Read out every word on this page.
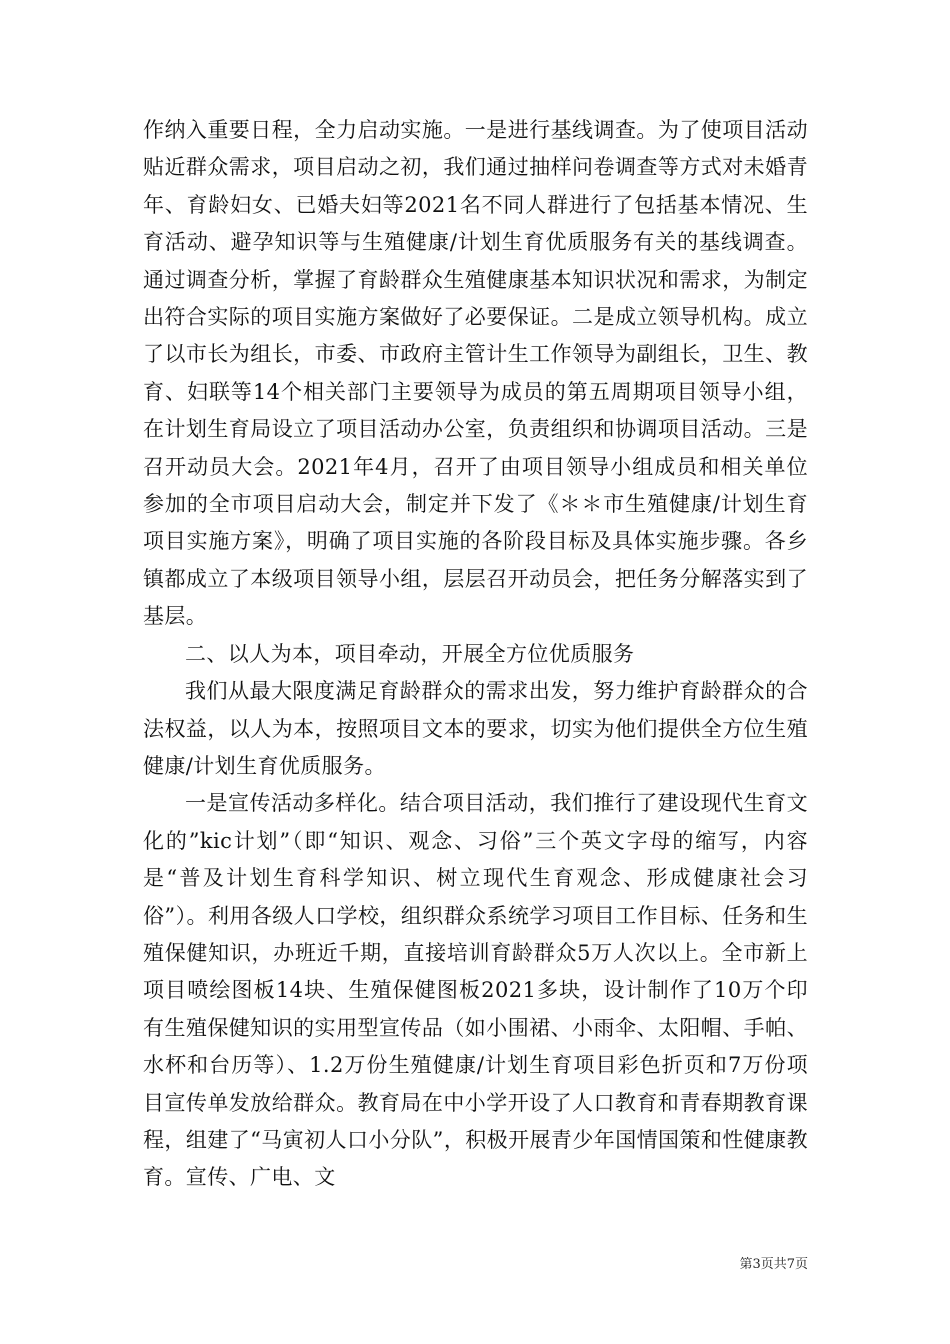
作纳入重要日程，全力启动实施。一是进行基线调查。为了使项目活动贴近群众需求，项目启动之初，我们通过抽样问卷调查等方式对未婚青年、育龄妇女、已婚夫妇等2021名不同人群进行了包括基本情况、生育活动、避孕知识等与生殖健康/计划生育优质服务有关的基线调查。通过调查分析，掌握了育龄群众生殖健康基本知识状况和需求，为制定出符合实际的项目实施方案做好了必要保证。二是成立领导机构。成立了以市长为组长，市委、市政府主管计生工作领导为副组长，卫生、教育、妇联等14个相关部门主要领导为成员的第五周期项目领导小组，在计划生育局设立了项目活动办公室，负责组织和协调项目活动。三是召开动员大会。2021年4月，召开了由项目领导小组成员和相关单位参加的全市项目启动大会，制定并下发了《＊＊市生殖健康/计划生育项目实施方案》，明确了项目实施的各阶段目标及具体实施步骤。各乡镇都成立了本级项目领导小组，层层召开动员会，把任务分解落实到了基层。

二、以人为本，项目牵动，开展全方位优质服务

我们从最大限度满足育龄群众的需求出发，努力维护育龄群众的合法权益，以人为本，按照项目文本的要求，切实为他们提供全方位生殖健康/计划生育优质服务。

一是宣传活动多样化。结合项目活动，我们推行了建设现代生育文化的”kic计划”（即“知识、观念、习俗”三个英文字母的缩写，内容是“普及计划生育科学知识、树立现代生育观念、形成健康社会习俗”）。利用各级人口学校，组织群众系统学习项目工作目标、任务和生殖保健知识，办班近千期，直接培训育龄群众5万人次以上。全市新上项目喷绘图板14块、生殖保健图板2021多块，设计制作了10万个印有生殖保健知识的实用型宣传品（如小围裙、小雨伞、太阳帽、手帕、水杯和台历等）、1.2万份生殖健康/计划生育项目彩色折页和7万份项目宣传单发放给群众。教育局在中小学开设了人口教育和青春期教育课程，组建了“马寅初人口小分队”，积极开展青少年国情国策和性健康教育。宣传、广电、文

第3页共7页
